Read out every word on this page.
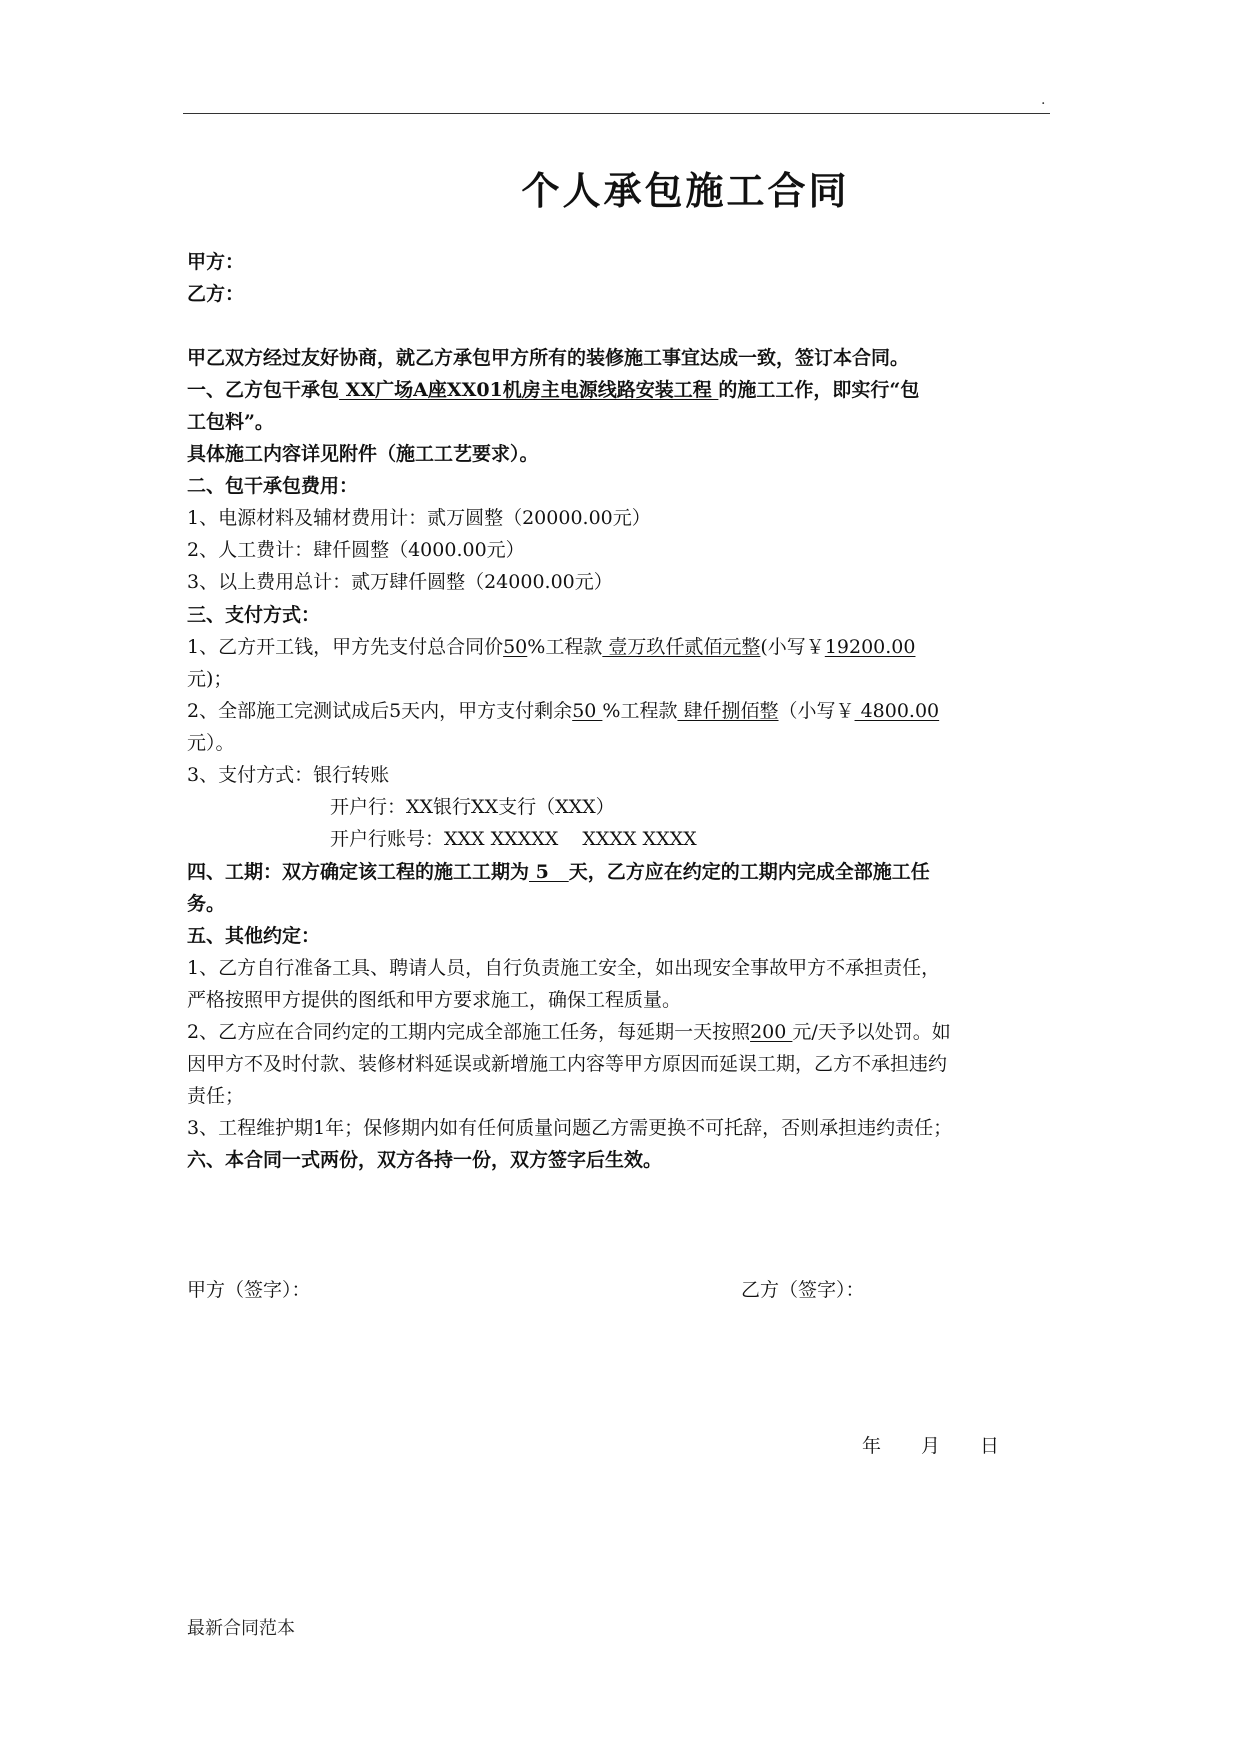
.
个人承包施工合同
甲方：
乙方：
甲乙双方经过友好协商，就乙方承包甲方所有的装修施工事宜达成一致，签订本合同。
一、乙方包干承包 XX广场A座XX01机房主电源线路安装工程 的施工工作，即实行“包
工包料”。
具体施工内容详见附件（施工工艺要求）。
二、包干承包费用：
1、电源材料及辅材费用计：贰万圆整（20000.00元）
2、人工费计：肆仟圆整（4000.00元）
3、以上费用总计：贰万肆仟圆整（24000.00元）
三、支付方式：
1、乙方开工钱，甲方先支付总合同价50%工程款 壹万玖仟贰佰元整(小写￥19200.00
元)；
2、全部施工完测试成后5天内，甲方支付剩余50 %工程款 肆仟捌佰整（小写￥ 4800.00
元）。
3、支付方式：银行转账
开户行：XX银行XX支行（XXX）
开户行账号：XXX XXXXX    XXXX XXXX
四、工期：双方确定该工程的施工工期为 5   天，乙方应在约定的工期内完成全部施工任
务。
五、其他约定：
1、乙方自行准备工具、聘请人员，自行负责施工安全，如出现安全事故甲方不承担责任，
严格按照甲方提供的图纸和甲方要求施工，确保工程质量。
2、乙方应在合同约定的工期内完成全部施工任务，每延期一天按照200 元/天予以处罚。如
因甲方不及时付款、装修材料延误或新增施工内容等甲方原因而延误工期，乙方不承担违约
责任；
3、工程维护期1年；保修期内如有任何质量问题乙方需更换不可托辞，否则承担违约责任；
六、本合同一式两份，双方各持一份，双方签字后生效。
甲方（签字）：	乙方（签字）：
年 月 日
最新合同范本
